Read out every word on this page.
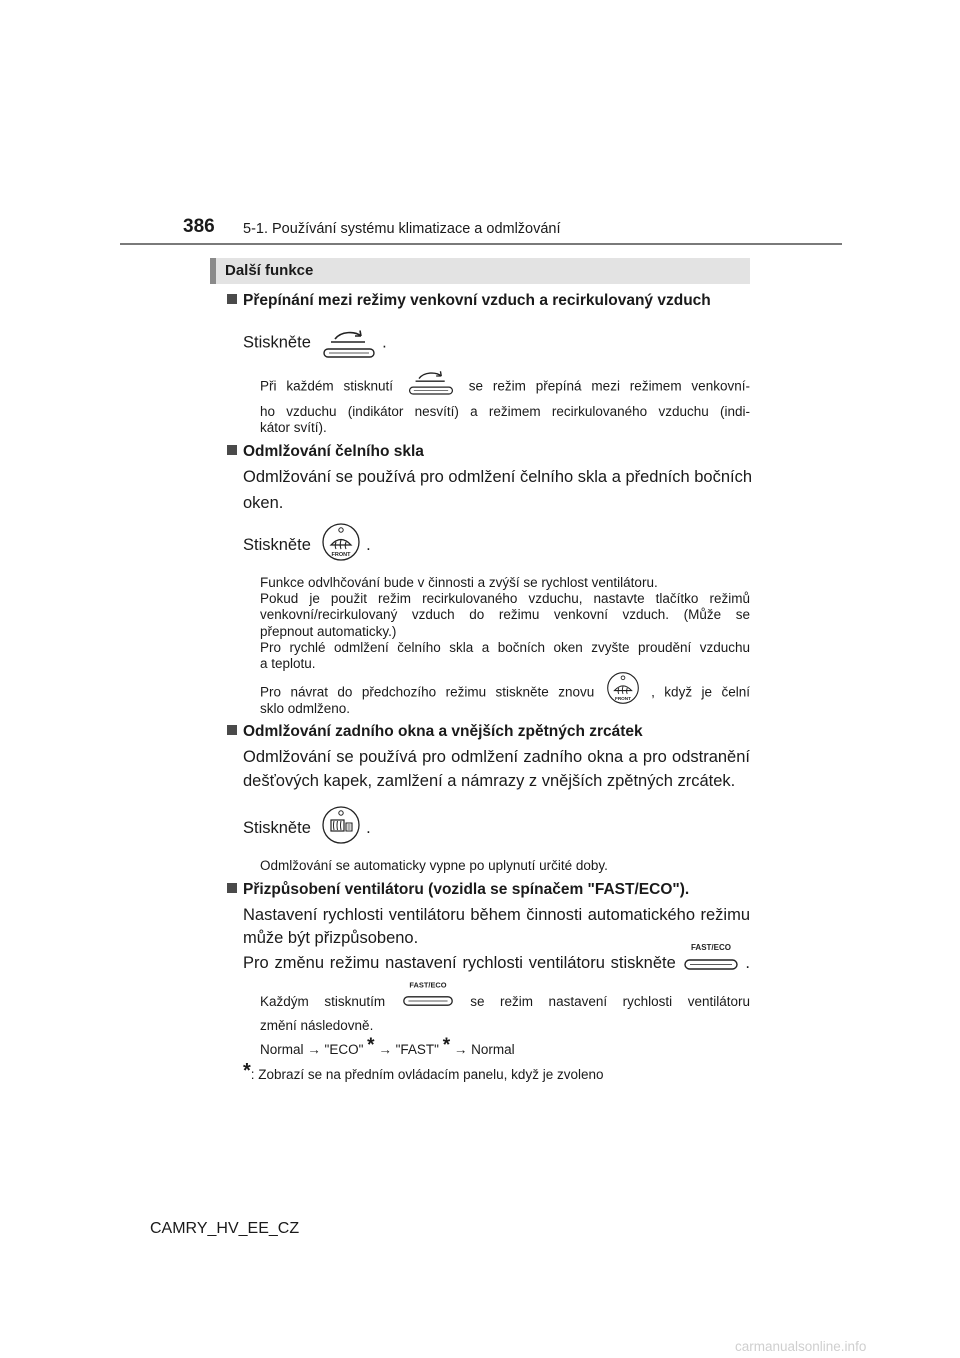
386 5-1. Používání systému klimatizace a odmlžování
Další funkce
Přepínání mezi režimy venkovní vzduch a recirkulovaný vzduch
Stiskněte	.
Při každém stisknutí	se režim přepíná mezi režimem venkovní-
ho vzduchu (indikátor nesvítí) a režimem recirkulovaného vzduchu (indi-
kátor svítí).
Odmlžování čelního skla
Odmlžování se používá pro odmlžení čelního skla a předních bočních
oken.
Stiskněte
FRONT
.
Funkce odvlhčování bude v činnosti a zvýší se rychlost ventilátoru.
Pokud je použit režim recirkulovaného vzduchu, nastavte tlačítko režimů
venkovní/recirkulovaný vzduch do režimu venkovní vzduch. (Může se
přepnout automaticky.)
Pro rychlé odmlžení čelního skla a bočních oken zvyšte proudění vzduchu
a teplotu.
Pro návrat do předchozího režimu stiskněte znovu	FRONT , když je čelní
sklo odmlženo.
Odmlžování zadního okna a vnějších zpětných zrcátek
Odmlžování se používá pro odmlžení zadního okna a pro odstranění
dešťových kapek, zamlžení a námrazy z vnějších zpětných zrcátek.
Stiskněte	.
Odmlžování se automaticky vypne po uplynutí určité doby.
Přizpůsobení ventilátoru (vozidla se spínačem "FAST/ECO").
Nastavení rychlosti ventilátoru během činnosti automatického režimu
může být přizpůsobeno.
Pro změnu režimu nastavení rychlosti ventilátoru stiskněte
FAST/ECO
.
Každým stisknutím
FAST/ECO
se režim nastavení rychlosti ventilátoru
změní následovně.
Normal → "ECO" * → "FAST" * → Normal
*: Zobrazí se na předním ovládacím panelu, když je zvoleno
CAMRY_HV_EE_CZ
carmanualsonline.info
